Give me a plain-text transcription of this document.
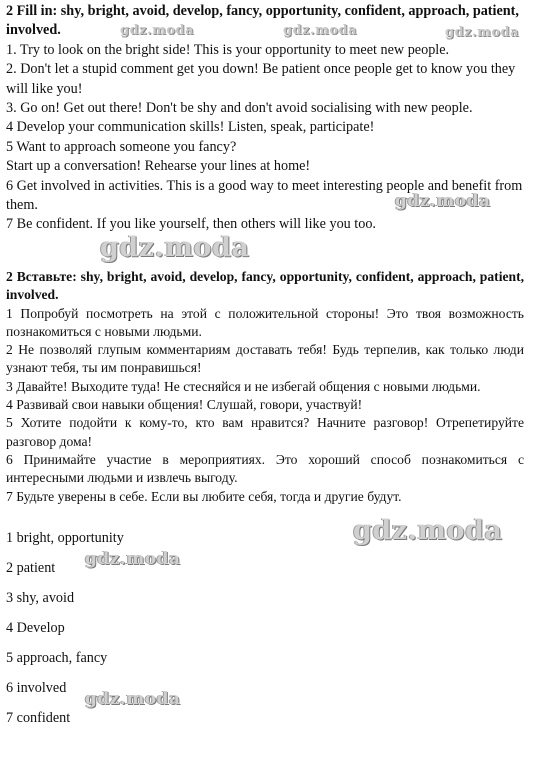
2 Fill in: shy, bright, avoid, develop, fancy, opportunity, confident, approach, patient, involved.

1. Try to look on the bright side! This is your opportunity to meet new people.

2. Don't let a stupid comment get you down! Be patient once people get to know you they will like you!

3. Go on! Get out there! Don't be shy and don't avoid socialising with new people.

4 Develop your communication skills! Listen, speak, participate!

5 Want to approach someone you fancy?

Start up a conversation! Rehearse your lines at home!

6 Get involved in activities. This is a good way to meet interesting people and benefit from them.

7 Be confident. If you like yourself, then others will like you too.

2 Вставьте: shy, bright, avoid, develop, fancy, opportunity, confident, approach, patient, involved.

1 Попробуй посмотреть на этой с положительной стороны! Это твоя возможность познакомиться с новыми людьми.

2 Не позволяй глупым комментариям доставать тебя! Будь терпелив, как только люди узнают тебя, ты им понравишься!

3 Давайте! Выходите туда! Не стесняйся и не избегай общения с новыми людьми.

4 Развивай свои навыки общения! Слушай, говори, участвуй!

5 Хотите подойти к кому-то, кто вам нравится? Начните разговор! Отрепетируйте разговор дома!

6 Принимайте участие в мероприятиях. Это хороший способ познакомиться с интересными людьми и извлечь выгоду.

7 Будьте уверены в себе. Если вы любите себя, тогда и другие будут.

1 bright, opportunity

2 patient

3 shy, avoid

4 Develop

5 approach, fancy

6 involved

7 confident

gdz.moda	gdz.moda	gdz.moda
gdz.moda
gdz.moda
gdz.moda
gdz.moda
gdz.moda
